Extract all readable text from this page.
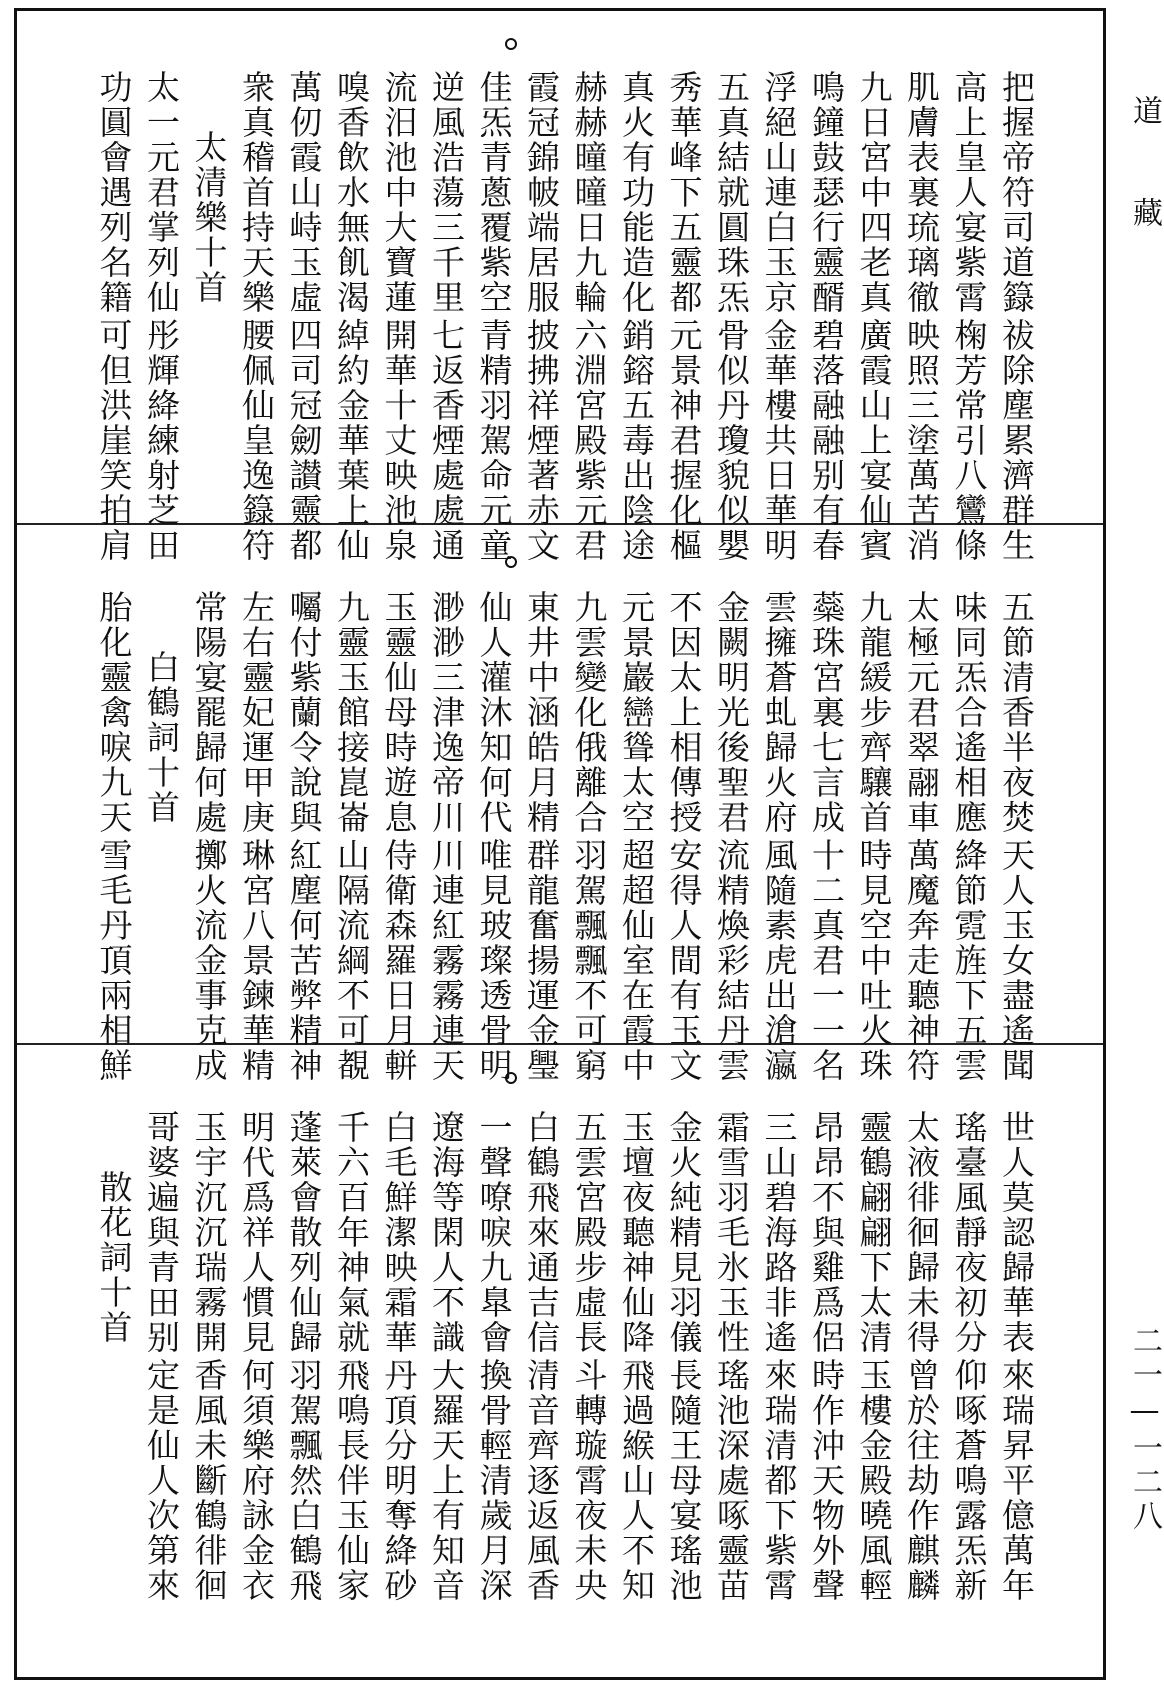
道　　藏
二一—一二八
把握帝符司道籙
祓除塵累濟群生
高上皇人宴紫霄
椈芳常引八鸞條
肌膚表裏琉璃徹
映照三塗萬苦消
九日宮中四老真
廣霞山上宴仙賓
鳴鐘鼓瑟行靈醑
碧落融融别有春
浮絕山連白玉京
金華樓共日華明
五真結就圓珠炁
骨似丹瓊貌似嬰
秀華峰下五靈都
元景神君握化樞
真火有功能造化
銷鎔五毒出陰途
赫赫曈曈日九輪
六淵宮殿紫元君
霞冠錦帔端居服
披拂祥煙著赤文
佳炁青蔥覆紫空
青精羽駕命元童
逆風浩蕩三千里
七返香煙處處通
流汨池中大寶蓮
開華十丈映池泉
嗅香飲水無飢渴
綽約金華葉上仙
萬仞霞山峙玉虛
四司冠劒讃靈都
衆真稽首持天樂
腰佩仙皇逸籙符
太清樂十首
太一元君掌列仙
彤輝絳練射芝田
功圓會遇列名籍
可但洪崖笑拍肩
五節清香半夜焚
天人玉女盡遙聞
味同炁合遙相應
絳節霓旌下五雲
太極元君翠翮車
萬魔奔走聽神符
九龍緩步齊驤首
時見空中吐火珠
蘂珠宮裏七言成
十二真君一一名
雲擁蒼虬歸火府
風隨素虎出滄瀛
金闕明光後聖君
流精煥彩結丹雲
不因太上相傳授
安得人間有玉文
元景巖巒聳太空
超超仙室在霞中
九雲變化俄離合
羽駕飄飄不可窮
東井中涵皓月精
群龍奮揚運金璺
仙人灌沐知何代
唯見玻璨透骨明
渺渺三津逸帝川
川連紅霧霧連天
玉靈仙母時遊息
侍衛森羅日月軿
九靈玉館接崑崙
山隔流綱不可覩
囑付紫蘭令說與
紅塵何苦弊精神
左右靈妃運甲庚
琳宮八景鍊華精
常陽宴罷歸何處
擲火流金事克成
白鶴詞十首
胎化靈禽唳九天
雪毛丹頂兩相鮮
世人莫認歸華表
來瑞昇平億萬年
瑤臺風靜夜初分
仰啄蒼鳴露炁新
太液徘徊歸未得
曾於往劫作麒麟
靈鶴翩翩下太清
玉樓金殿曉風輕
昂昂不與雞爲侶
時作沖天物外聲
三山碧海路非遙
來瑞清都下紫霄
霜雪羽毛氷玉性
瑤池深處啄靈苗
金火純精見羽儀
長隨王母宴瑤池
玉壇夜聽神仙降
飛過緱山人不知
五雲宮殿步虛長
斗轉璇霄夜未央
白鶴飛來通吉信
清音齊逐返風香
一聲嘹唳九臯會
換骨輕清歲月深
遼海等閑人不識
大羅天上有知音
白毛鮮潔映霜華
丹頂分明奪絳砂
千六百年神氣就
飛鳴長伴玉仙家
蓬萊會散列仙歸
羽駕飄然白鶴飛
明代爲祥人慣見
何須樂府詠金衣
玉宇沉沉瑞霧開
香風未斷鶴徘徊
哥婆遍與青田别
定是仙人次第來
散花詞十首
